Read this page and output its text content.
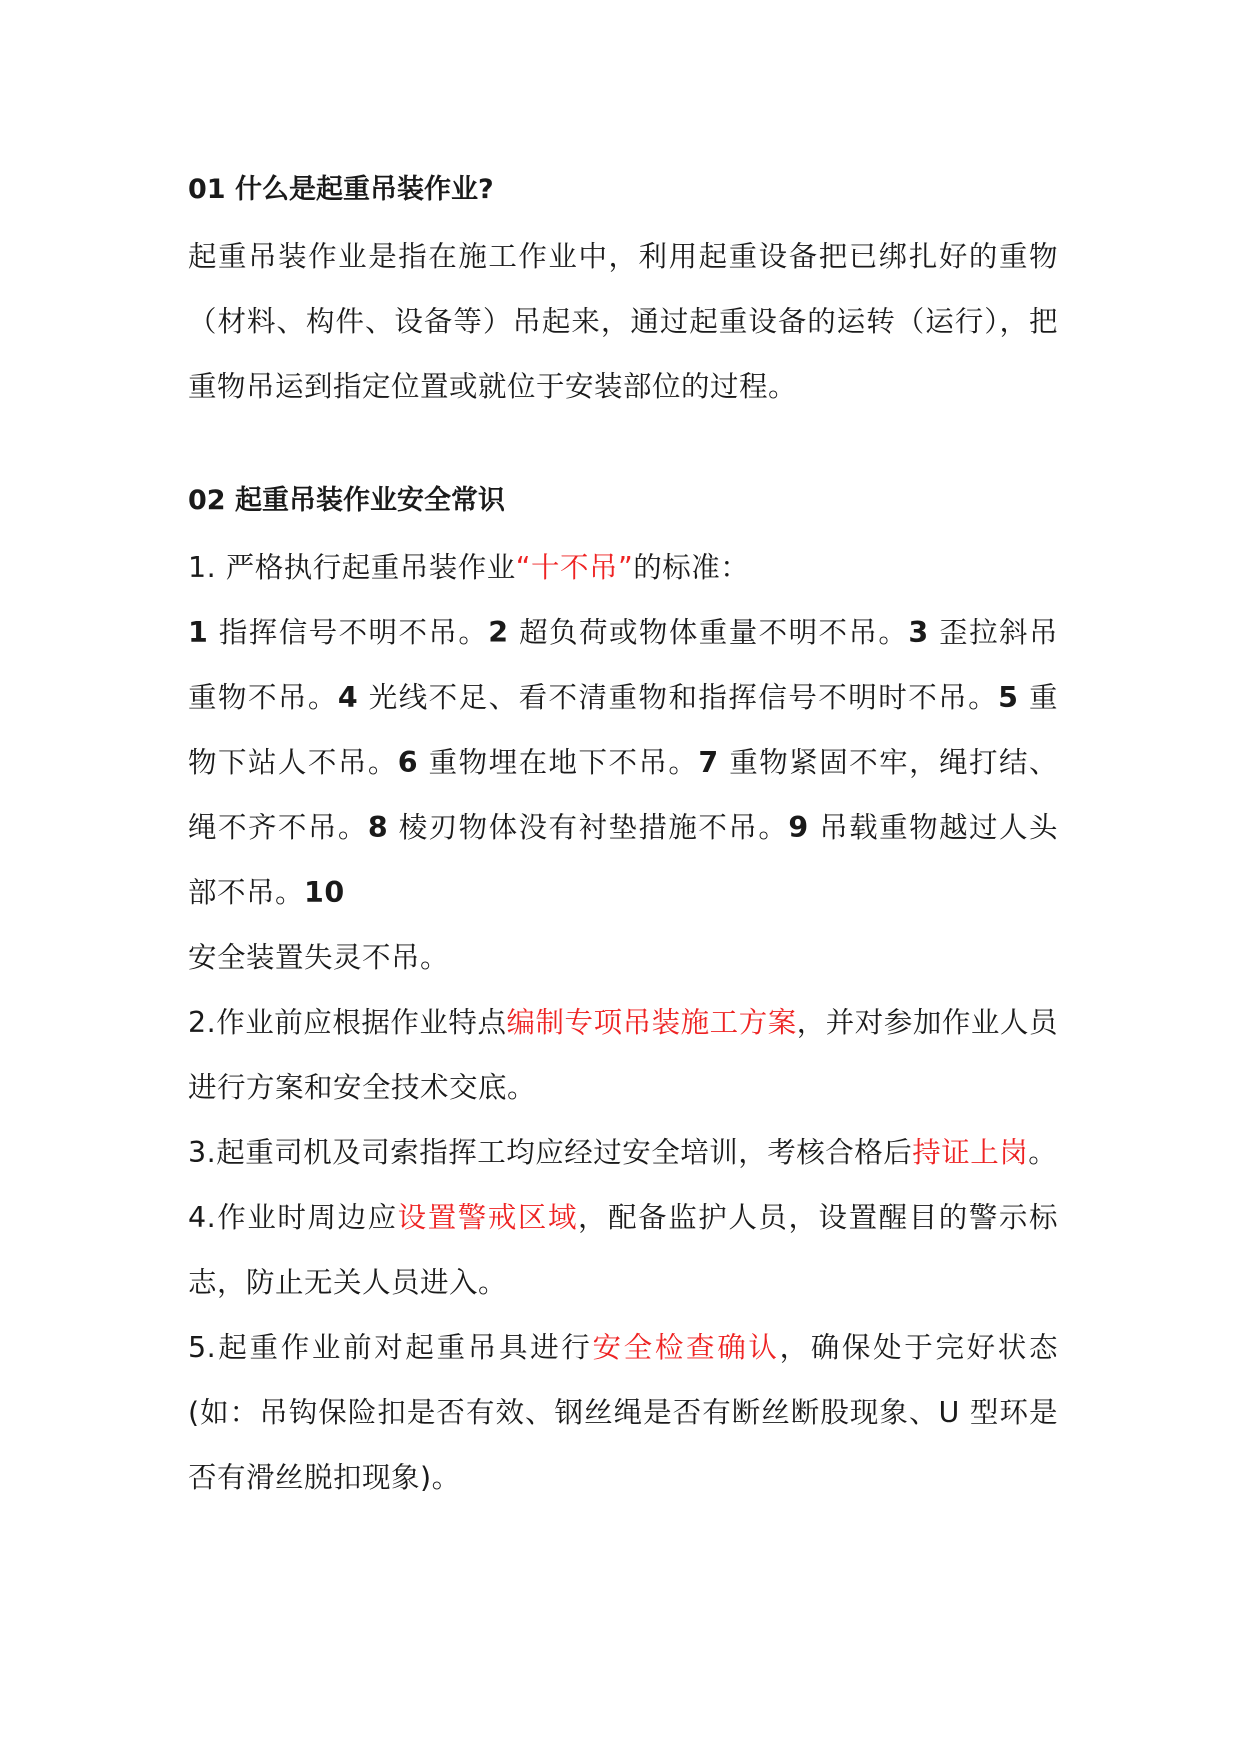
01 什么是起重吊装作业?

起重吊装作业是指在施工作业中，利用起重设备把已绑扎好的重物（材料、构件、设备等）吊起来，通过起重设备的运转（运行），把重物吊运到指定位置或就位于安装部位的过程。

02 起重吊装作业安全常识

1. 严格执行起重吊装作业“十不吊”的标准：

1 指挥信号不明不吊。2 超负荷或物体重量不明不吊。3 歪拉斜吊重物不吊。4 光线不足、看不清重物和指挥信号不明时不吊。5 重物下站人不吊。6 重物埋在地下不吊。7 重物紧固不牢，绳打结、绳不齐不吊。8 棱刃物体没有衬垫措施不吊。9 吊载重物越过人头部不吊。10

安全装置失灵不吊。

2.作业前应根据作业特点编制专项吊装施工方案，并对参加作业人员进行方案和安全技术交底。

3.起重司机及司索指挥工均应经过安全培训，考核合格后持证上岗。

4.作业时周边应设置警戒区域，配备监护人员，设置醒目的警示标志，防止无关人员进入。

5.起重作业前对起重吊具进行安全检查确认，确保处于完好状态(如：吊钩保险扣是否有效、钢丝绳是否有断丝断股现象、U 型环是否有滑丝脱扣现象)。
